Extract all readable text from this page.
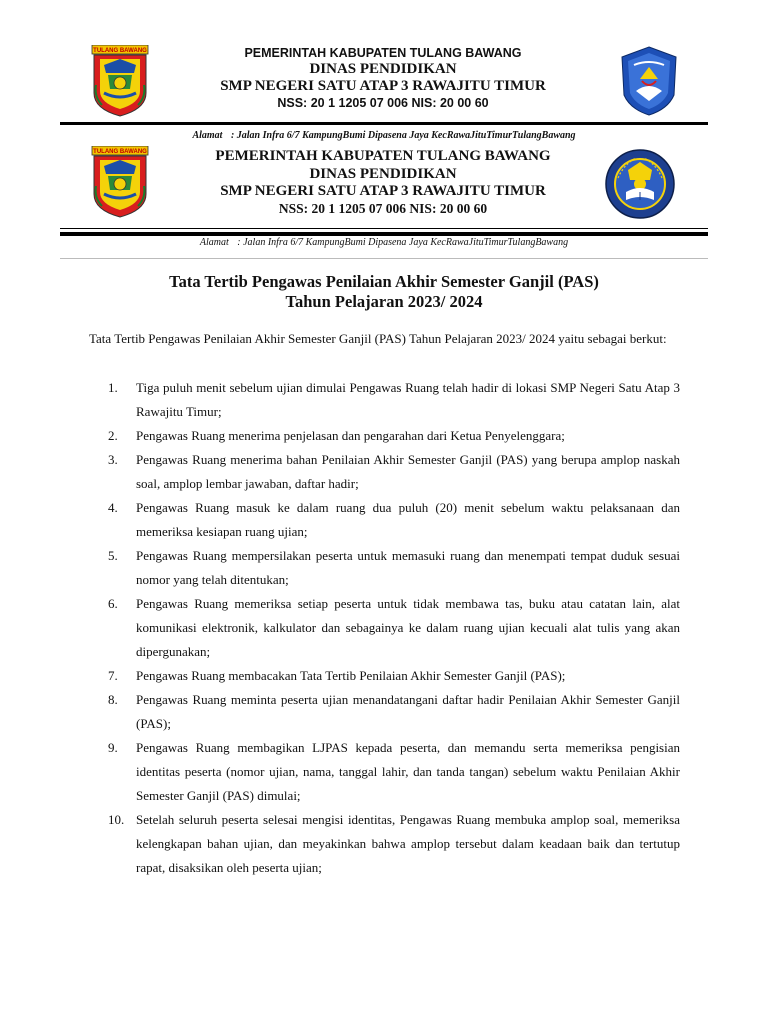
TULANG BAWANG	PEMERINTAH KABUPATEN TULANG BAWANG
DINAS PENDIDIKAN
SMP NEGERI SATU ATAP 3 RAWAJITU TIMUR
NSS: 20 1 1205 07 006 NIS: 20 00 60
Alamat : Jalan Infra 6/7 KampungBumi Dipasena Jaya KecRawaJituTimurTulangBawang
TULANG BAWANG	PEMERINTAH KABUPATEN TULANG BAWANG
DINAS PENDIDIKAN
SMP NEGERI SATU ATAP 3 RAWAJITU TIMUR
NSS: 20 1 1205 07 006 NIS: 20 00 60
Alamat : Jalan Infra 6/7 KampungBumi Dipasena Jaya KecRawaJituTimurTulangBawang
Tata Tertib Pengawas Penilaian Akhir Semester Ganjil (PAS)
Tahun Pelajaran 2023/ 2024
Tata Tertib Pengawas Penilaian Akhir Semester Ganjil (PAS) Tahun Pelajaran 2023/ 2024 yaitu sebagai berkut:
1.	Tiga puluh menit sebelum ujian dimulai Pengawas Ruang telah hadir di lokasi SMP Negeri Satu Atap 3 Rawajitu Timur;
2.	Pengawas Ruang menerima penjelasan dan pengarahan dari Ketua Penyelenggara;
3.	Pengawas Ruang menerima bahan Penilaian Akhir Semester Ganjil (PAS) yang berupa amplop naskah soal, amplop lembar jawaban, daftar hadir;
4.	Pengawas Ruang masuk ke dalam ruang dua puluh (20) menit sebelum waktu pelaksanaan dan memeriksa kesiapan ruang ujian;
5.	Pengawas Ruang mempersilakan peserta untuk memasuki ruang dan menempati tempat duduk sesuai nomor yang telah ditentukan;
6.	Pengawas Ruang memeriksa setiap peserta untuk tidak membawa tas, buku atau catatan lain, alat komunikasi elektronik, kalkulator dan sebagainya ke dalam ruang ujian kecuali alat tulis yang akan dipergunakan;
7.	Pengawas Ruang membacakan Tata Tertib Penilaian Akhir Semester Ganjil (PAS);
8.	Pengawas Ruang meminta peserta ujian menandatangani daftar hadir Penilaian Akhir Semester Ganjil (PAS);
9.	Pengawas Ruang membagikan LJPAS kepada peserta, dan memandu serta memeriksa pengisian identitas peserta (nomor ujian, nama, tanggal lahir, dan tanda tangan) sebelum waktu Penilaian Akhir Semester Ganjil (PAS) dimulai;
10. Setelah seluruh peserta selesai mengisi identitas, Pengawas Ruang membuka amplop soal, memeriksa kelengkapan bahan ujian, dan meyakinkan bahwa amplop tersebut dalam keadaan baik dan tertutup rapat, disaksikan oleh peserta ujian;
